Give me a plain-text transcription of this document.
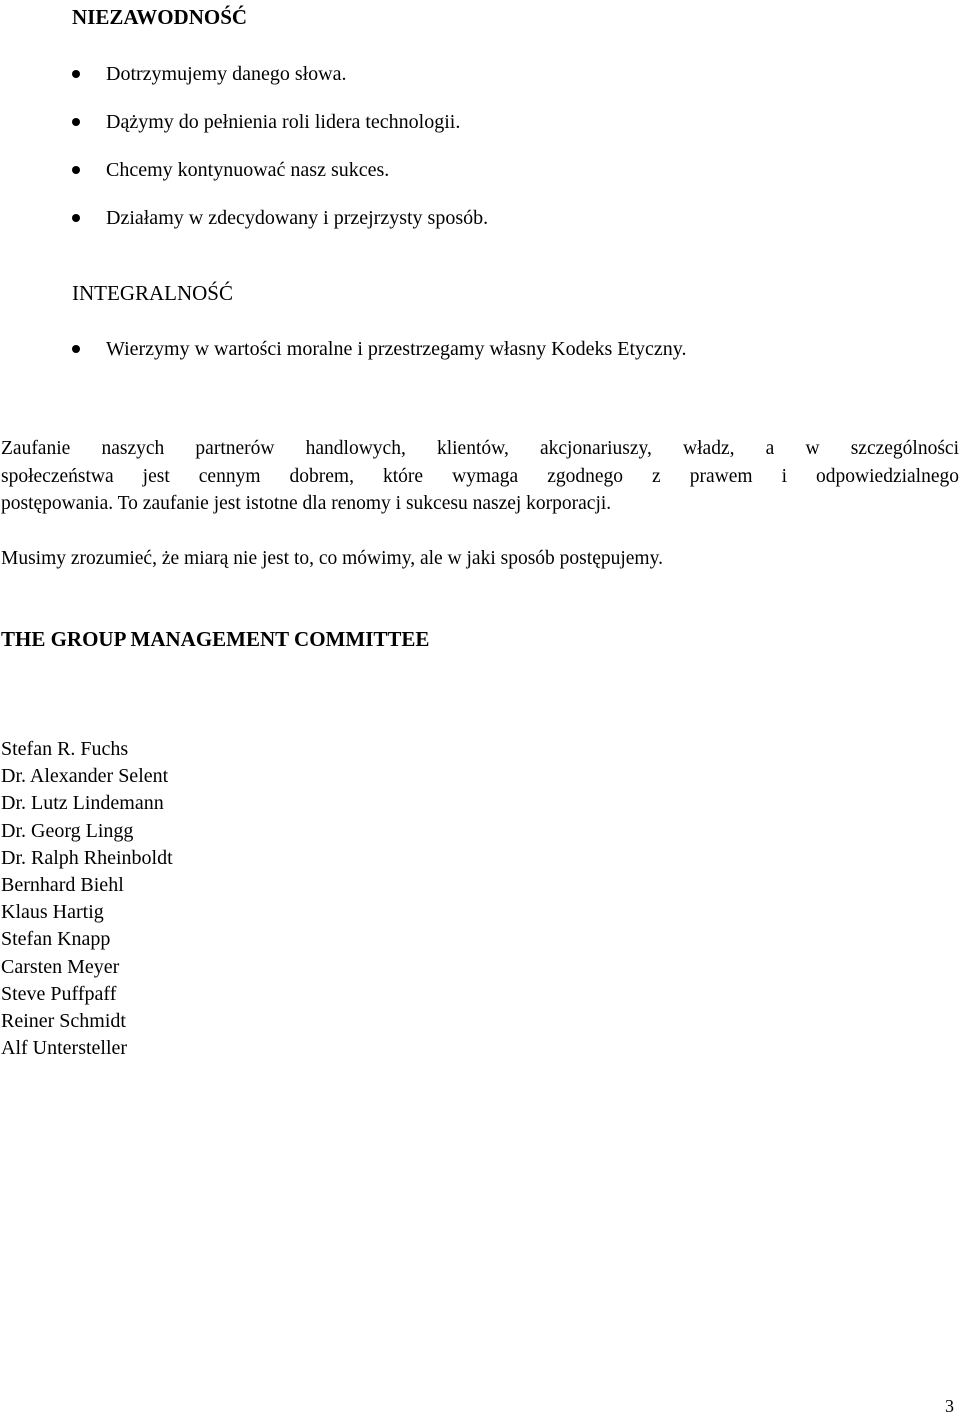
NIEZAWODNOŚĆ
Dotrzymujemy danego słowa.
Dążymy do pełnienia roli lidera technologii.
Chcemy kontynuować nasz sukces.
Działamy w zdecydowany i przejrzysty sposób.
INTEGRALNOŚĆ
Wierzymy w wartości moralne i przestrzegamy własny Kodeks Etyczny.
Zaufanie naszych partnerów handlowych, klientów, akcjonariuszy, władz, a w szczególności
społeczeństwa jest cennym dobrem, które wymaga zgodnego z prawem i odpowiedzialnego
postępowania. To zaufanie jest istotne dla renomy i sukcesu naszej korporacji.
Musimy zrozumieć, że miarą nie jest to, co mówimy, ale w jaki sposób postępujemy.
THE GROUP MANAGEMENT COMMITTEE
Stefan R. Fuchs
Dr. Alexander Selent
Dr. Lutz Lindemann
Dr. Georg Lingg
Dr. Ralph Rheinboldt
Bernhard Biehl
Klaus Hartig
Stefan Knapp
Carsten Meyer
Steve Puffpaff
Reiner Schmidt
Alf Untersteller
3
